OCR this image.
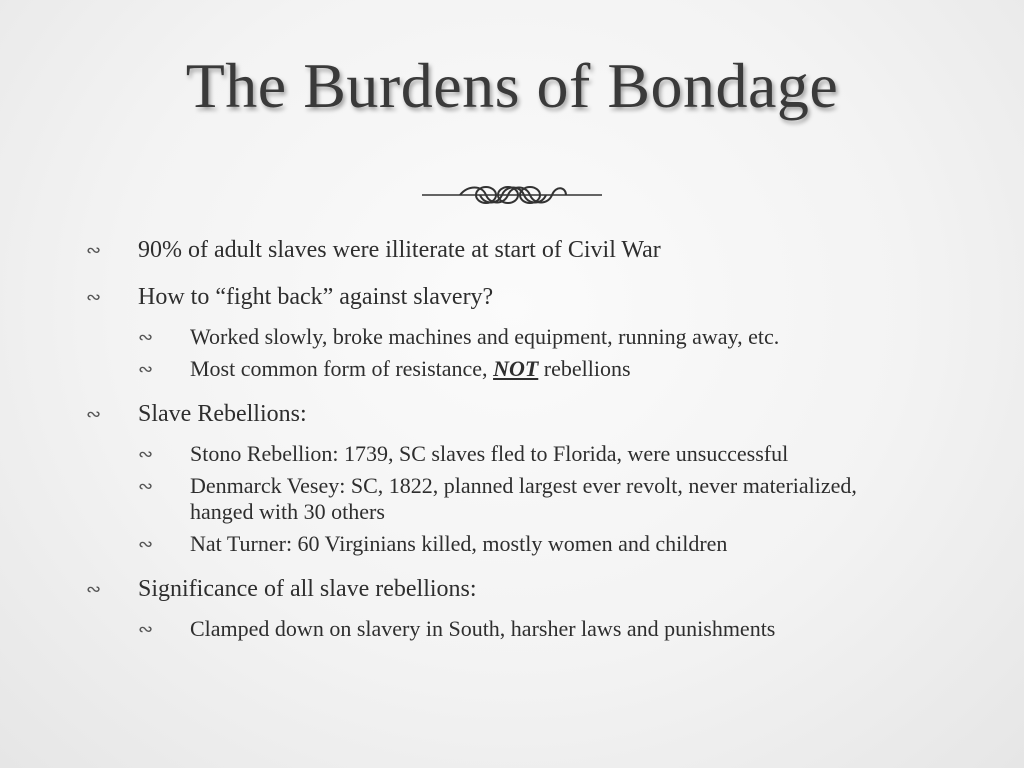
The Burdens of Bondage
∾ 90% of adult slaves were illiterate at start of Civil War
∾ How to “fight back” against slavery?
∾ Worked slowly, broke machines and equipment, running away, etc.
∾ Most common form of resistance, NOT rebellions
∾ Slave Rebellions:
∾ Stono Rebellion: 1739, SC slaves fled to Florida, were unsuccessful
∾ Denmarck Vesey: SC, 1822, planned largest ever revolt, never materialized, hanged with 30 others
∾ Nat Turner: 60 Virginians killed, mostly women and children
∾ Significance of all slave rebellions:
∾ Clamped down on slavery in South, harsher laws and punishments
